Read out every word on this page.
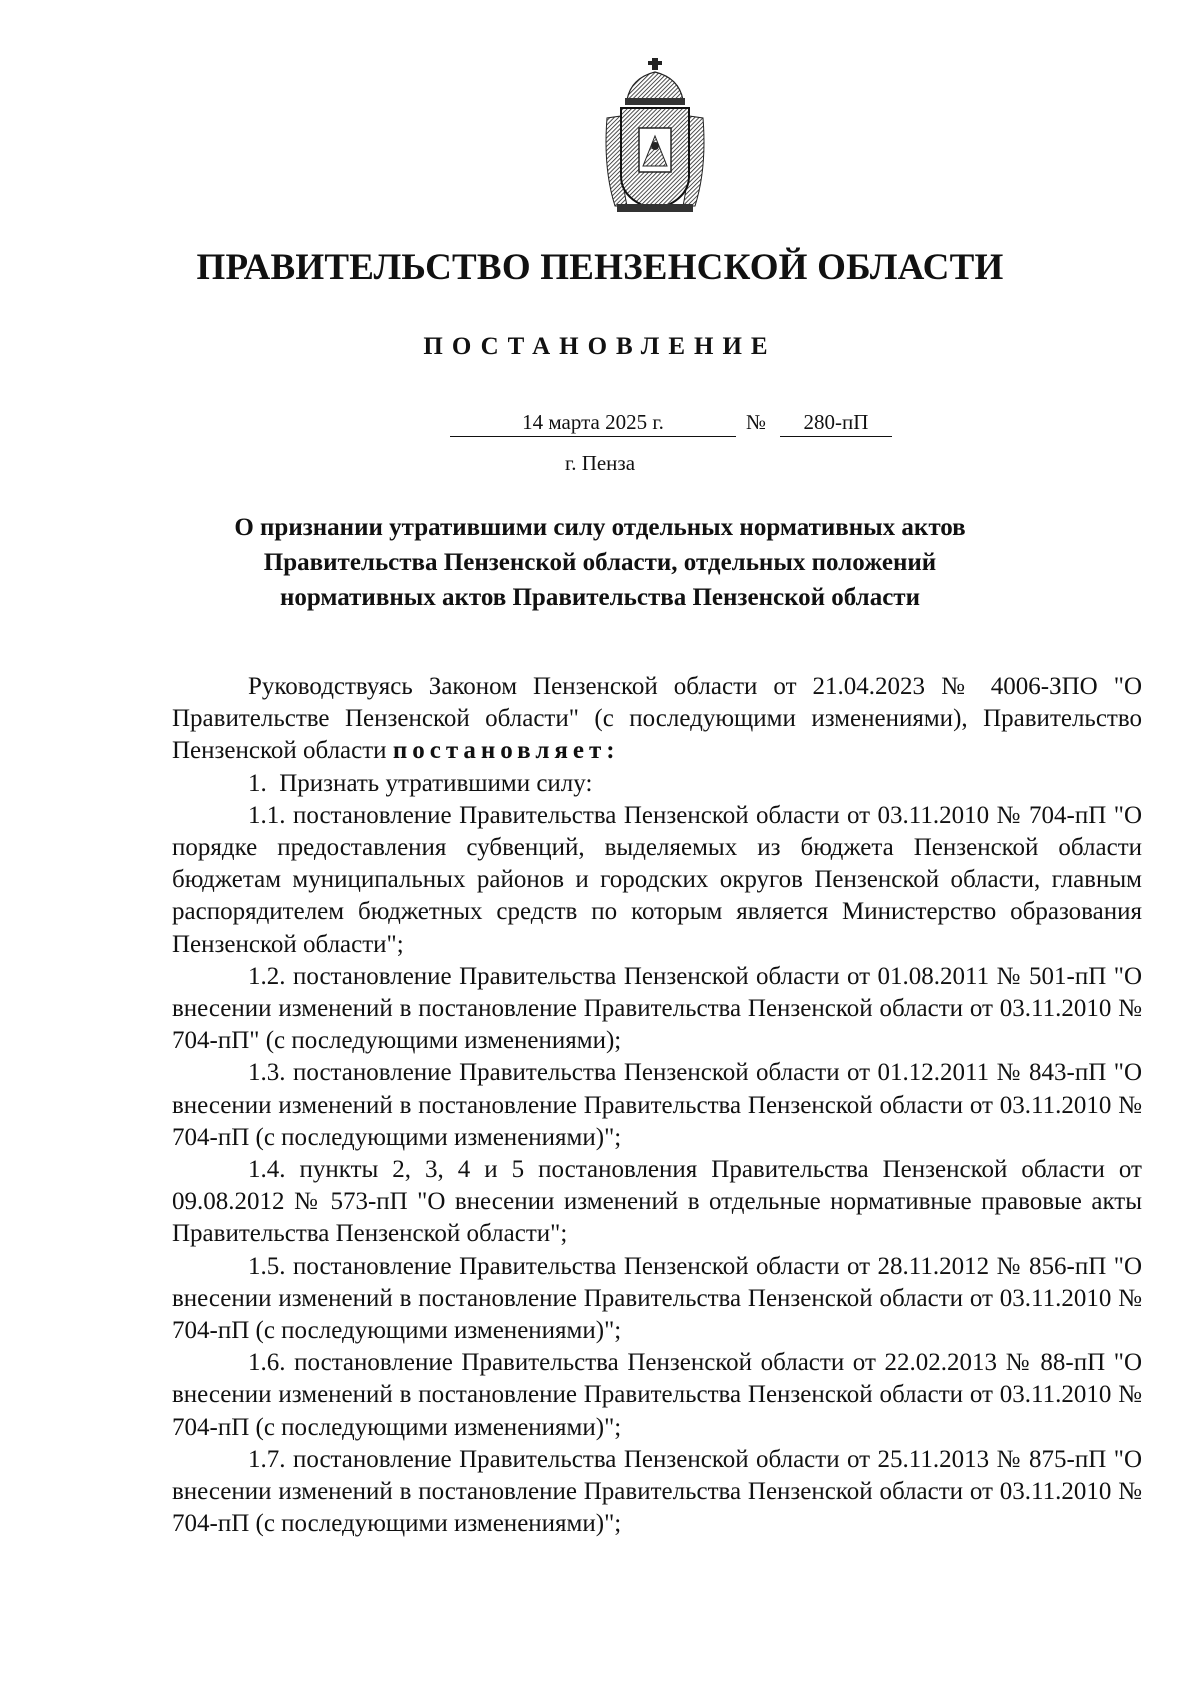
ПРАВИТЕЛЬСТВО ПЕНЗЕНСКОЙ ОБЛАСТИ
ПОСТАНОВЛЕНИЕ
14 марта 2025 г.	№	280-пП

г. Пенза

О признании утратившими силу отдельных нормативных актов
Правительства Пензенской области, отдельных положений
нормативных актов Правительства Пензенской области

Руководствуясь Законом Пензенской области от 21.04.2023 № 4006-ЗПО "О Правительстве Пензенской области" (с последующими изменениями), Правительство Пензенской области постановляет:

1.  Признать утратившими силу:

1.1. постановление Правительства Пензенской области от 03.11.2010 № 704-пП "О порядке предоставления субвенций, выделяемых из бюджета Пензенской области бюджетам муниципальных районов и городских округов Пензенской области, главным распорядителем бюджетных средств по которым является Министерство образования Пензенской области";

1.2. постановление Правительства Пензенской области от 01.08.2011 № 501-пП "О внесении изменений в постановление Правительства Пензенской области от 03.11.2010 № 704-пП" (с последующими изменениями);

1.3. постановление Правительства Пензенской области от 01.12.2011 № 843-пП "О внесении изменений в постановление Правительства Пензенской области от 03.11.2010 № 704-пП (с последующими изменениями)";

1.4. пункты 2, 3, 4 и 5 постановления Правительства Пензенской области от 09.08.2012 № 573-пП "О внесении изменений в отдельные нормативные правовые акты Правительства Пензенской области";

1.5. постановление Правительства Пензенской области от 28.11.2012 № 856-пП "О внесении изменений в постановление Правительства Пензенской области от 03.11.2010 № 704-пП (с последующими изменениями)";

1.6. постановление Правительства Пензенской области от 22.02.2013 № 88-пП "О внесении изменений в постановление Правительства Пензенской области от 03.11.2010 № 704-пП (с последующими изменениями)";

1.7. постановление Правительства Пензенской области от 25.11.2013 № 875-пП "О внесении изменений в постановление Правительства Пензенской области от 03.11.2010 № 704-пП (с последующими изменениями)";
